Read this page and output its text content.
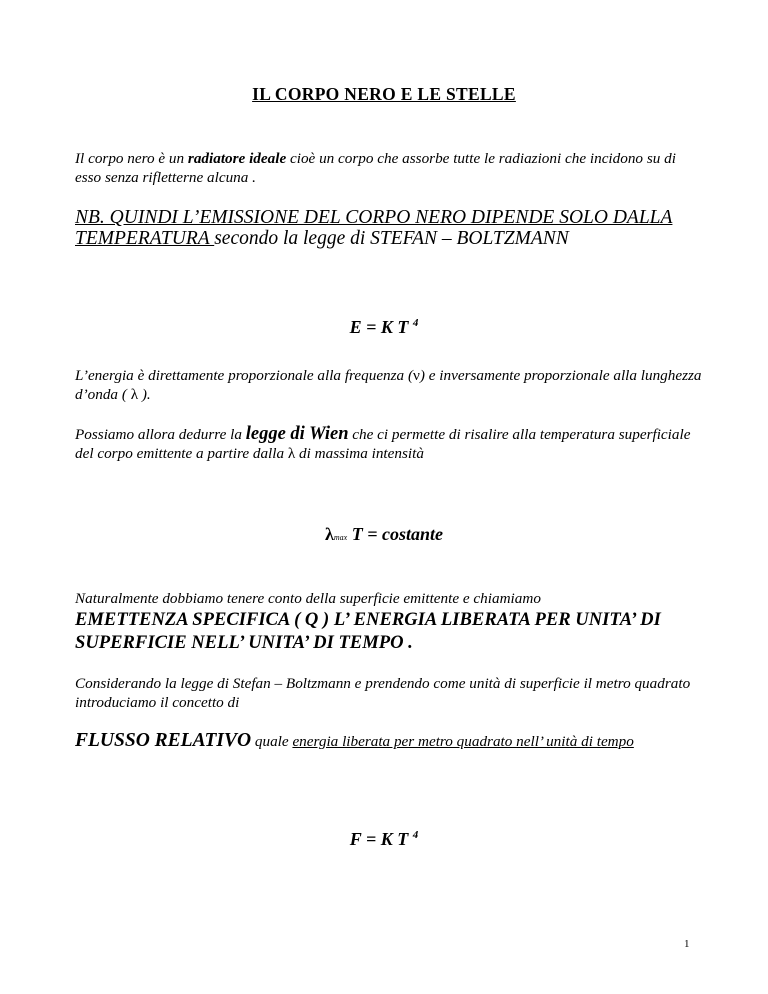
IL CORPO NERO E LE STELLE
Il corpo nero è un radiatore ideale cioè un corpo che assorbe tutte le radiazioni che incidono su di esso senza rifletterne alcuna .
NB. QUINDI L’EMISSIONE DEL CORPO NERO DIPENDE SOLO DALLA TEMPERATURA secondo la legge di STEFAN – BOLTZMANN
E = K T $^4$
L’energia è direttamente proporzionale alla frequenza (ν) e inversamente proporzionale alla lunghezza d’onda ( λ ).
Possiamo allora dedurre la legge di Wien che ci permette di risalire alla temperatura superficiale del corpo emittente a partire dalla λ di massima intensità
λmax T = costante
Naturalmente dobbiamo tenere conto della superficie emittente e chiamiamo
EMETTENZA SPECIFICA ( Q ) L’ ENERGIA LIBERATA PER UNITA’ DI SUPERFICIE NELL’ UNITA’ DI TEMPO .
Considerando la legge di Stefan – Boltzmann e prendendo come unità di superficie il metro quadrato introduciamo il concetto di
FLUSSO RELATIVO quale energia liberata per metro quadrato nell’ unità di tempo
F = K T $^4$
1
